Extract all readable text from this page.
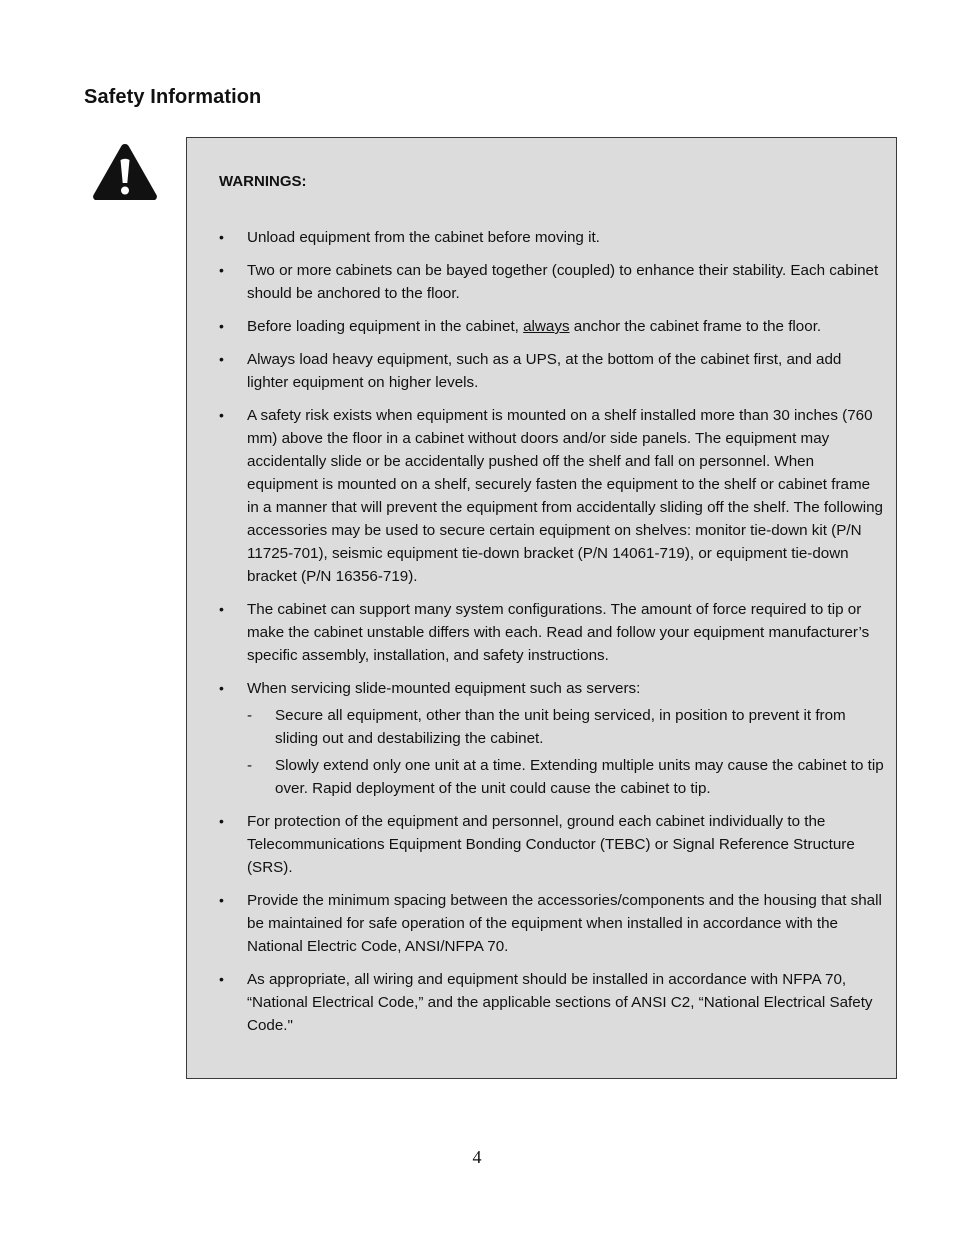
Safety Information

WARNINGS:

• Unload equipment from the cabinet before moving it.
• Two or more cabinets can be bayed together (coupled) to enhance their stability. Each cabinet should be anchored to the floor.
• Before loading equipment in the cabinet, always anchor the cabinet frame to the floor.
• Always load heavy equipment, such as a UPS, at the bottom of the cabinet first, and add lighter equipment on higher levels.
• A safety risk exists when equipment is mounted on a shelf installed more than 30 inches (760 mm) above the floor in a cabinet without doors and/or side panels. The equipment may accidentally slide or be accidentally pushed off the shelf and fall on personnel. When equipment is mounted on a shelf, securely fasten the equipment to the shelf or cabinet frame in a manner that will prevent the equipment from accidentally sliding off the shelf. The following accessories may be used to secure certain equipment on shelves: monitor tie-down kit (P/N 11725-701), seismic equipment tie-down bracket (P/N 14061-719), or equipment tie-down bracket (P/N 16356-719).
• The cabinet can support many system configurations. The amount of force required to tip or make the cabinet unstable differs with each. Read and follow your equipment manufacturer’s specific assembly, installation, and safety instructions.
• When servicing slide-mounted equipment such as servers:
- Secure all equipment, other than the unit being serviced, in position to prevent it from sliding out and destabilizing the cabinet.
- Slowly extend only one unit at a time. Extending multiple units may cause the cabinet to tip over. Rapid deployment of the unit could cause the cabinet to tip.
• For protection of the equipment and personnel, ground each cabinet individually to the Telecommunications Equipment Bonding Conductor (TEBC) or Signal Reference Structure (SRS).
• Provide the minimum spacing between the accessories/components and the housing that shall be maintained for safe operation of the equipment when installed in accordance with the National Electric Code, ANSI/NFPA 70.
• As appropriate, all wiring and equipment should be installed in accordance with NFPA 70, “National Electrical Code,” and the applicable sections of ANSI C2, “National Electrical Safety Code."
4
